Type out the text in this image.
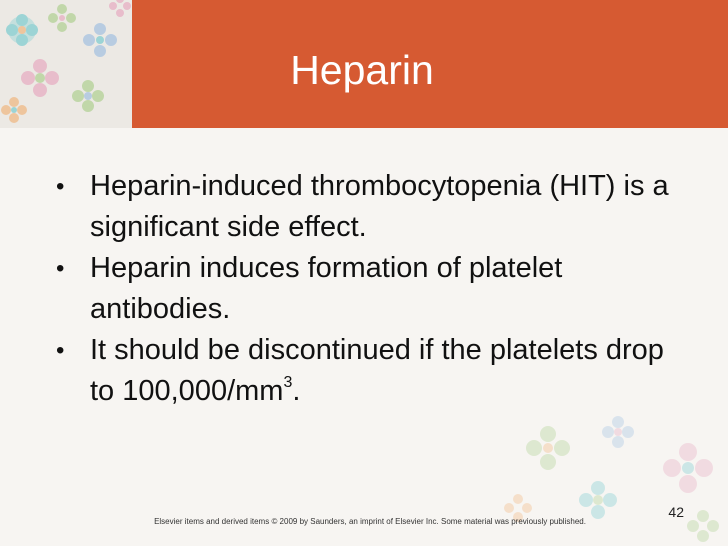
Heparin
• Heparin-induced thrombocytopenia (HIT) is a significant side effect.
• Heparin induces formation of platelet antibodies.
• It should be discontinued if the platelets drop to $100,000/mm^3$.
42
Elsevier items and derived items © 2009 by Saunders, an imprint of Elsevier Inc. Some material was previously published.
